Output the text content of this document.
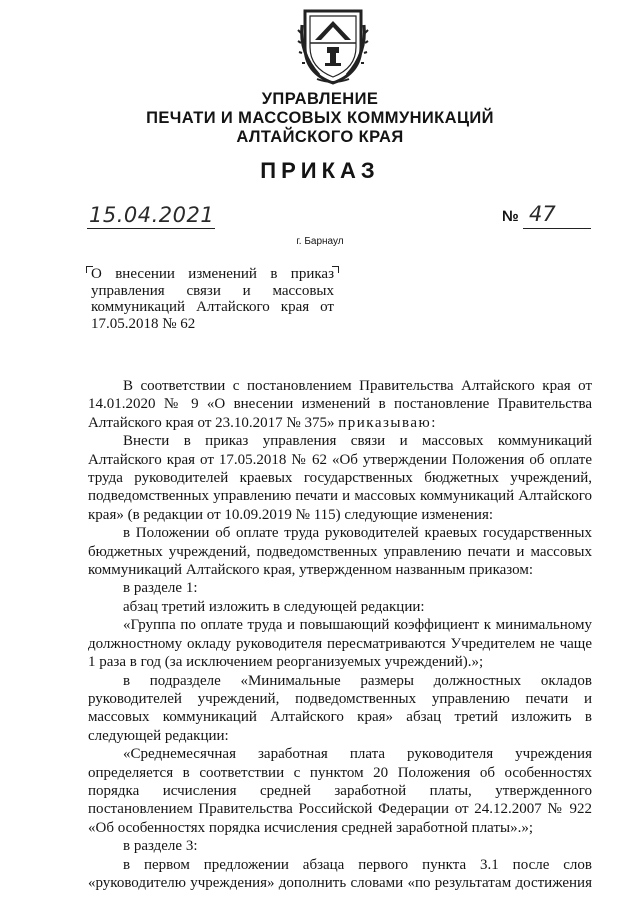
УПРАВЛЕНИЕ
ПЕЧАТИ И МАССОВЫХ КОММУНИКАЦИЙ
АЛТАЙСКОГО КРАЯ
ПРИКАЗ
15.04.2021	№ 47
г. Барнаул
О внесении изменений в приказ управления связи и массовых коммуникаций Алтайского края от 17.05.2018 № 62

В соответствии с постановлением Правительства Алтайского края от 14.01.2020 № 9 «О внесении изменений в постановление Правительства Алтайского края от 23.10.2017 № 375» приказываю:

Внести в приказ управления связи и массовых коммуникаций Алтайского края от 17.05.2018 № 62 «Об утверждении Положения об оплате труда руководителей краевых государственных бюджетных учреждений, подведомственных управлению печати и массовых коммуникаций Алтайского края» (в редакции от 10.09.2019 № 115) следующие изменения:

в Положении об оплате труда руководителей краевых государственных бюджетных учреждений, подведомственных управлению печати и массовых коммуникаций Алтайского края, утвержденном названным приказом:

в разделе 1:

абзац третий изложить в следующей редакции:

«Группа по оплате труда и повышающий коэффициент к минимальному должностному окладу руководителя пересматриваются Учредителем не чаще 1 раза в год (за исключением реорганизуемых учреждений).»;

в подразделе «Минимальные размеры должностных окладов руководителей учреждений, подведомственных управлению печати и массовых коммуникаций Алтайского края» абзац третий изложить в следующей редакции:

«Среднемесячная заработная плата руководителя учреждения определяется в соответствии с пунктом 20 Положения об особенностях порядка исчисления средней заработной платы, утвержденного постановлением Правительства Российской Федерации от 24.12.2007 № 922 «Об особенностях порядка исчисления средней заработной платы».»;

в разделе 3:

в первом предложении абзаца первого пункта 3.1 после слов «руководителю учреждения» дополнить словами «по результатам достижения
